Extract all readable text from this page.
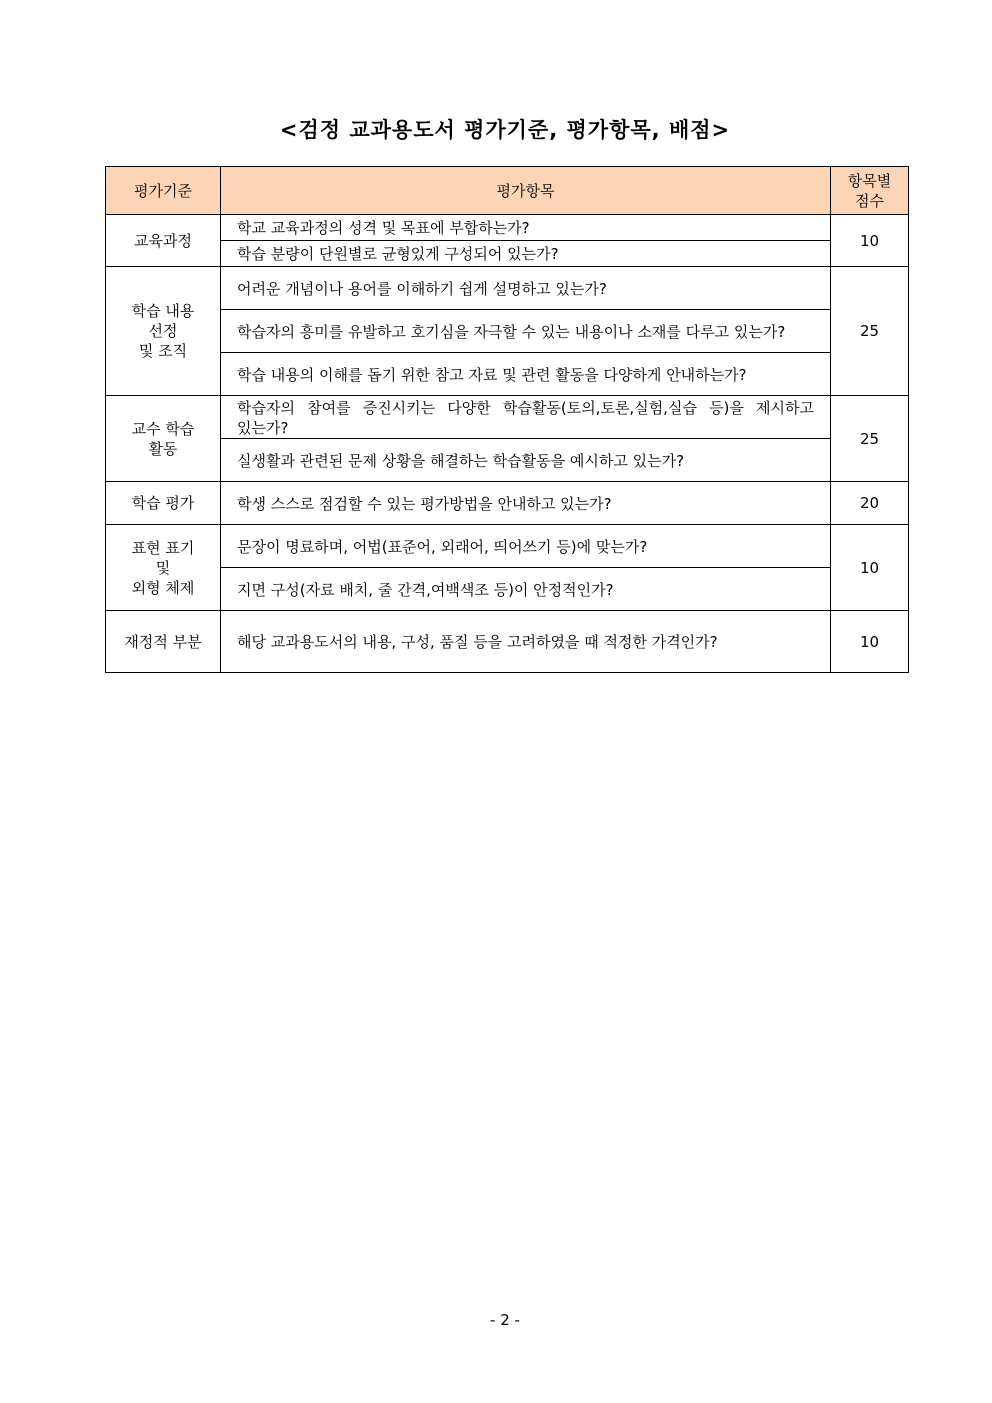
<검정 교과용도서 평가기준, 평가항목, 배점>
평가기준	평가항목	항목별
점수

교육과정	학교 교육과정의 성격 및 목표에 부합하는가?	10
	학습 분량이 단원별로 균형있게 구성되어 있는가?	

학습 내용
선정
및 조직	어려운 개념이나 용어를 이해하기 쉽게 설명하고 있는가?	25
	학습자의 흥미를 유발하고 호기심을 자극할 수 있는 내용이나 소재를 다루고 있는가?	
	학습 내용의 이해를 돕기 위한 참고 자료 및 관련 활동을 다양하게 안내하는가?	

교수 학습
활동	학습자의 참여를 증진시키는 다양한 학습활동(토의,토론,실험,실습 등)을 제시하고 있는가?	25
	실생활과 관련된 문제 상황을 해결하는 학습활동을 예시하고 있는가?	

학습 평가	학생 스스로 점검할 수 있는 평가방법을 안내하고 있는가?	20

표현 표기
및
외형 체제	문장이 명료하며, 어법(표준어, 외래어, 띄어쓰기 등)에 맞는가?	10
	지면 구성(자료 배치, 줄 간격,여백색조 등)이 안정적인가?	

재정적 부분	해당 교과용도서의 내용, 구성, 품질 등을 고려하였을 때 적정한 가격인가?	10
- 2 -
